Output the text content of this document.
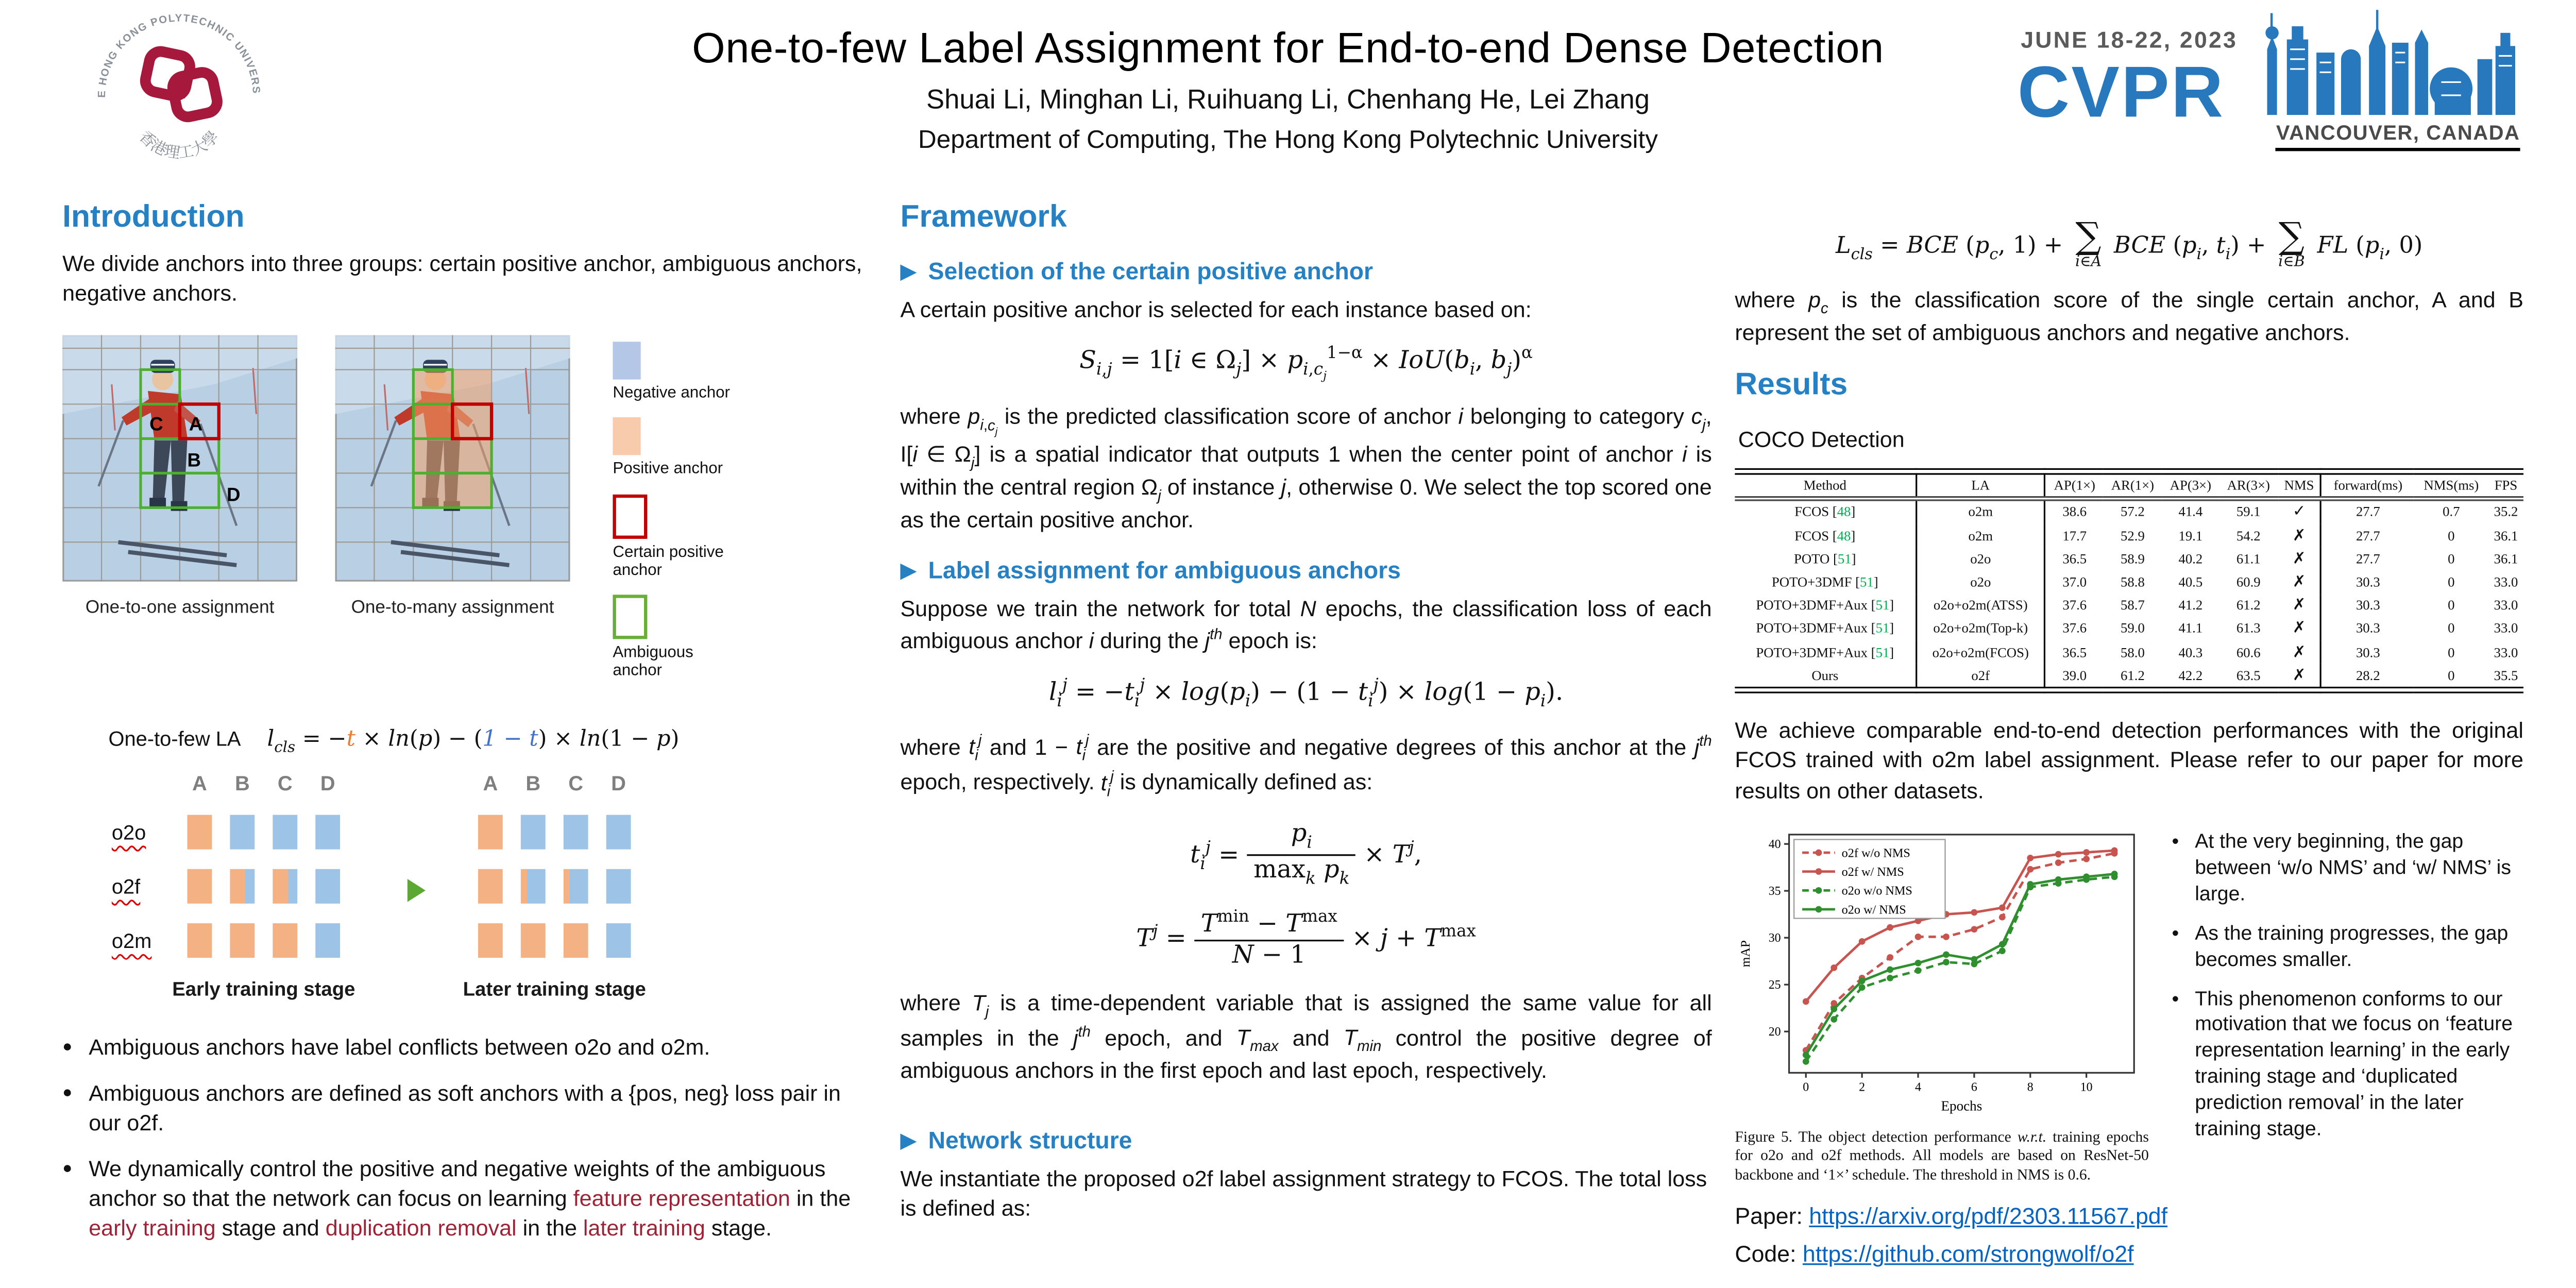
THE HONG KONG POLYTECHNIC UNIVERSITY
香港理工大學
One-to-few Label Assignment for End-to-end Dense Detection
Shuai Li, Minghan Li, Ruihuang Li, Chenhang He, Lei Zhang
Department of Computing, The Hong Kong Polytechnic University
JUNE 18-22, 2023
CVPR
VANCOUVER, CANADA
Introduction

We divide anchors into three groups: certain positive anchor, ambiguous anchors, negative anchors.

A
B
C
D
One-to-one assignment	One-to-many assignment
Negative anchor
Positive anchor
Certain positive anchor
Ambiguous anchor
One-to-few LA	$l_{cls} = -t \times \ln(p) - (1 - t) \times \ln(1 - p)$
A	B	C	D	A	B	C	D
o2o
o2f
o2m
Early training stage	Later training stage
●	Ambiguous anchors have label conflicts between o2o and o2m.
●	Ambiguous anchors are defined as soft anchors with a {pos, neg} loss pair in our o2f.
●	We dynamically control the positive and negative weights of the ambiguous anchor so that the network can focus on learning feature representation in the early training stage and duplication removal in the later training stage.
Framework
Selection of the certain positive anchor

A certain positive anchor is selected for each instance based on:

$S_{i,j} = 1[i$ ∈ $\Omega_j] \times p_{i,c_j}^{1-\alpha} \times IoU(b_i$, $b_j)^\alpha$

where $p_{i,c_j}$ is the predicted classification score of anchor i belonging to category $c_j$, I[i ∈ $\Omega_j$] is a spatial indicator that outputs 1 when the center point of anchor i is within the central region $\Omega_j$ of instance j, otherwise 0. We select the top scored one as the certain positive anchor.

Label assignment for ambiguous anchors

Suppose we train the network for total N epochs, the classification loss of each ambiguous anchor i during the $j^{th}$ epoch is:

$l_i^j = -t_i^j \times \log(p_i) - (1 - t_i^j) \times \log(1 - p_i)$.

where $t_i^j$ and $1 - t_i^j$ are the positive and negative degrees of this anchor at the $j^{th}$ epoch, respectively. $t_i^j$ is dynamically defined as:

$t_i^j = \frac{p_i}{\max_k p_k} \times T^j$,
$T^j = \frac{T^{min} - T^{max}}{N - 1} \times j + T^{max}$

where $T_j$ is a time-dependent variable that is assigned the same value for all samples in the $j^{th}$ epoch, and $T_{max}$ and $T_{min}$ control the positive degree of ambiguous anchors in the first epoch and last epoch, respectively.

Network structure

We instantiate the proposed o2f label assignment strategy to FCOS. The total loss is defined as:

$L_{cls}$ = BCE ($p_c$, 1) + ∑
i∈A
BCE ($p_i$, $t_i$) + ∑
i∈B
FL ($p_i$, 0)

where $p_c$ is the classification score of the single certain anchor, A and B represent the set of ambiguous anchors and negative anchors.

Results
COCO Detection
Method	LA	AP(1×)	AR(1×)	AP(3×)	AR(3×)	NMS	forward(ms)	NMS(ms)	FPS
FCOS [48]	o2m	38.6	57.2	41.4	59.1	✓	27.7	0.7	35.2
FCOS [48]	o2m	17.7	52.9	19.1	54.2	✗	27.7	0	36.1
POTO [51]	o2o	36.5	58.9	40.2	61.1	✗	27.7	0	36.1
POTO+3DMF [51]	o2o	37.0	58.8	40.5	60.9	✗	30.3	0	33.0
POTO+3DMF+Aux [51]	o2o+o2m(ATSS)	37.6	58.7	41.2	61.2	✗	30.3	0	33.0
POTO+3DMF+Aux [51]	o2o+o2m(Top-k)	37.6	59.0	41.1	61.3	✗	30.3	0	33.0
POTO+3DMF+Aux [51]	o2o+o2m(FCOS)	36.5	58.0	40.3	60.6	✗	30.3	0	33.0
Ours	o2f	39.0	61.2	42.2	63.5	✗	28.2	0	35.5

We achieve comparable end-to-end detection performances with the original FCOS trained with o2m label assignment. Please refer to our paper for more results on other datasets.

20
25
30
35
40
0	2	4	6	8	10
mAP
Epochs
o2f w/o NMS
o2f w/ NMS
o2o w/o NMS
o2o w/ NMS
Figure 5. The object detection performance w.r.t. training epochs for o2o and o2f methods. All models are based on ResNet-50 backbone and ‘1×’ schedule. The threshold in NMS is 0.6.
•	At the very beginning, the gap between ‘w/o NMS’ and ‘w/ NMS’ is large.
•	As the training progresses, the gap becomes smaller.
•	This phenomenon conforms to our motivation that we focus on ‘feature representation learning’ in the early training stage and ‘duplicated prediction removal’ in the later training stage.
Paper: https://arxiv.org/pdf/2303.11567.pdf
Code: https://github.com/strongwolf/o2f
